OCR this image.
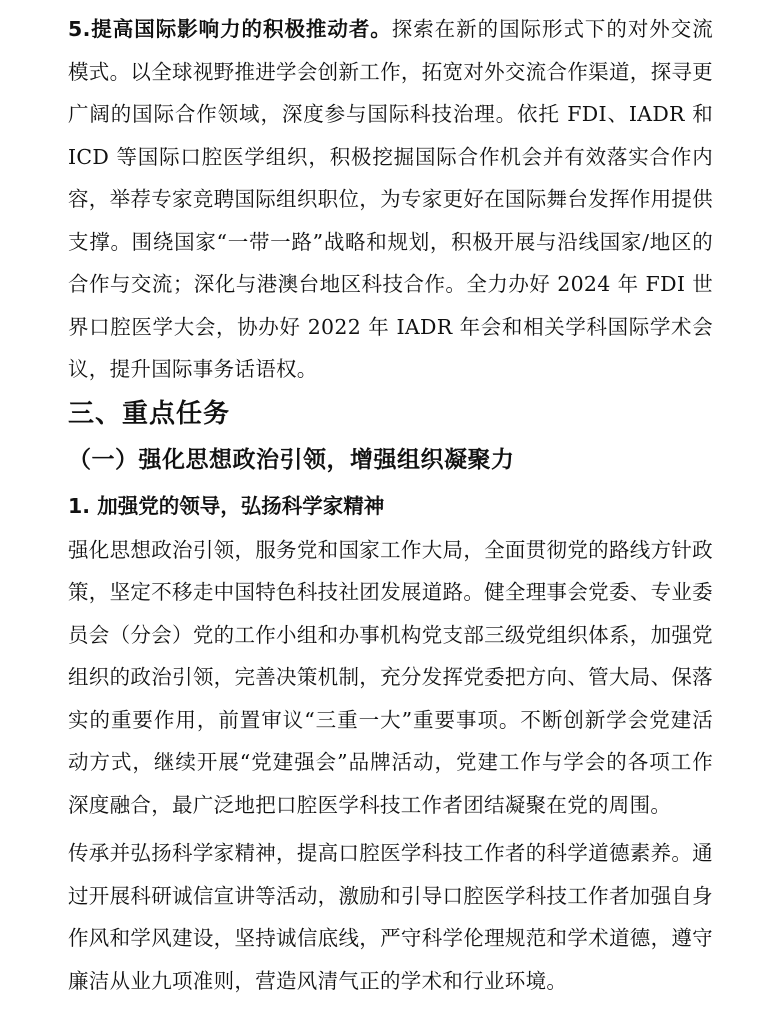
5.提高国际影响力的积极推动者。探索在新的国际形式下的对外交流模式。以全球视野推进学会创新工作，拓宽对外交流合作渠道，探寻更广阔的国际合作领域，深度参与国际科技治理。依托 FDI、IADR 和 ICD 等国际口腔医学组织，积极挖掘国际合作机会并有效落实合作内容，举荐专家竞聘国际组织职位，为专家更好在国际舞台发挥作用提供支撑。围绕国家“一带一路”战略和规划，积极开展与沿线国家/地区的合作与交流；深化与港澳台地区科技合作。全力办好 2024 年 FDI 世界口腔医学大会，协办好 2022 年 IADR 年会和相关学科国际学术会议，提升国际事务话语权。

三、重点任务
（一）强化思想政治引领，增强组织凝聚力
1. 加强党的领导，弘扬科学家精神

强化思想政治引领，服务党和国家工作大局，全面贯彻党的路线方针政策，坚定不移走中国特色科技社团发展道路。健全理事会党委、专业委员会（分会）党的工作小组和办事机构党支部三级党组织体系，加强党组织的政治引领，完善决策机制，充分发挥党委把方向、管大局、保落实的重要作用，前置审议“三重一大”重要事项。不断创新学会党建活动方式，继续开展“党建强会”品牌活动，党建工作与学会的各项工作深度融合，最广泛地把口腔医学科技工作者团结凝聚在党的周围。

传承并弘扬科学家精神，提高口腔医学科技工作者的科学道德素养。通过开展科研诚信宣讲等活动，激励和引导口腔医学科技工作者加强自身作风和学风建设，坚持诚信底线，严守科学伦理规范和学术道德，遵守廉洁从业九项准则，营造风清气正的学术和行业环境。
